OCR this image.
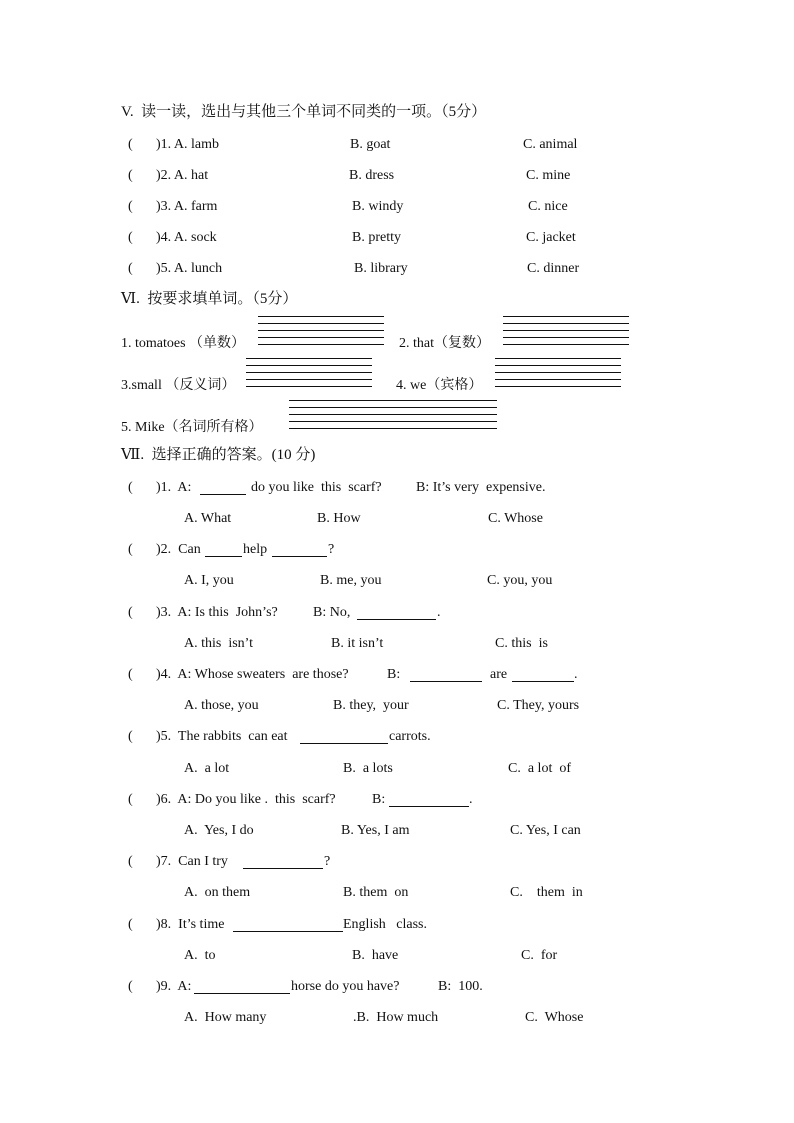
V.  读一读，选出与其他三个单词不同类的一项。（5分）
( )1. A. lamb	B. goat	C. animal
( )2. A. hat	B. dress	C. mine
( )3. A. farm	B. windy	C. nice
( )4. A. sock	B. pretty	C. jacket
( )5. A. lunch	B. library	C. dinner
Ⅵ.  按要求填单词。（5分）
1. tomatoes （单数）	2. that（复数）
3.small （反义词）	4. we（宾格）
5. Mike（名词所有格）
Ⅶ.  选择正确的答案。(10 分)
( )1.  A:	do you like  this  scarf? B: It’s very  expensive.
A. What	B. How	C. Whose
( )2.  Can	help	?
A. I, you	B. me, you	C. you, you
( )3.  A: Is this  John’s?	B: No,	.
A. this  isn’t	B. it isn’t	C. this  is
( )4.  A: Whose sweaters  are those?	B:	are	.
A. those, you	B. they,  your	C. They, yours
( )5.  The rabbits  can eat	carrots.
A.  a lot	B.  a lots	C.  a lot  of
( )6.  A: Do you like .  this  scarf?	B:	.
A.  Yes, I do	B. Yes, I am	C. Yes, I can
( )7.  Can I try	?
A.  on them	B. them  on	C.    them  in
( )8.  It’s time	English   class.
A.  to	B.  have	C.  for
( )9.  A:	horse do you have?	B:  100.
A.  How many	.B.  How much	C.  Whose
